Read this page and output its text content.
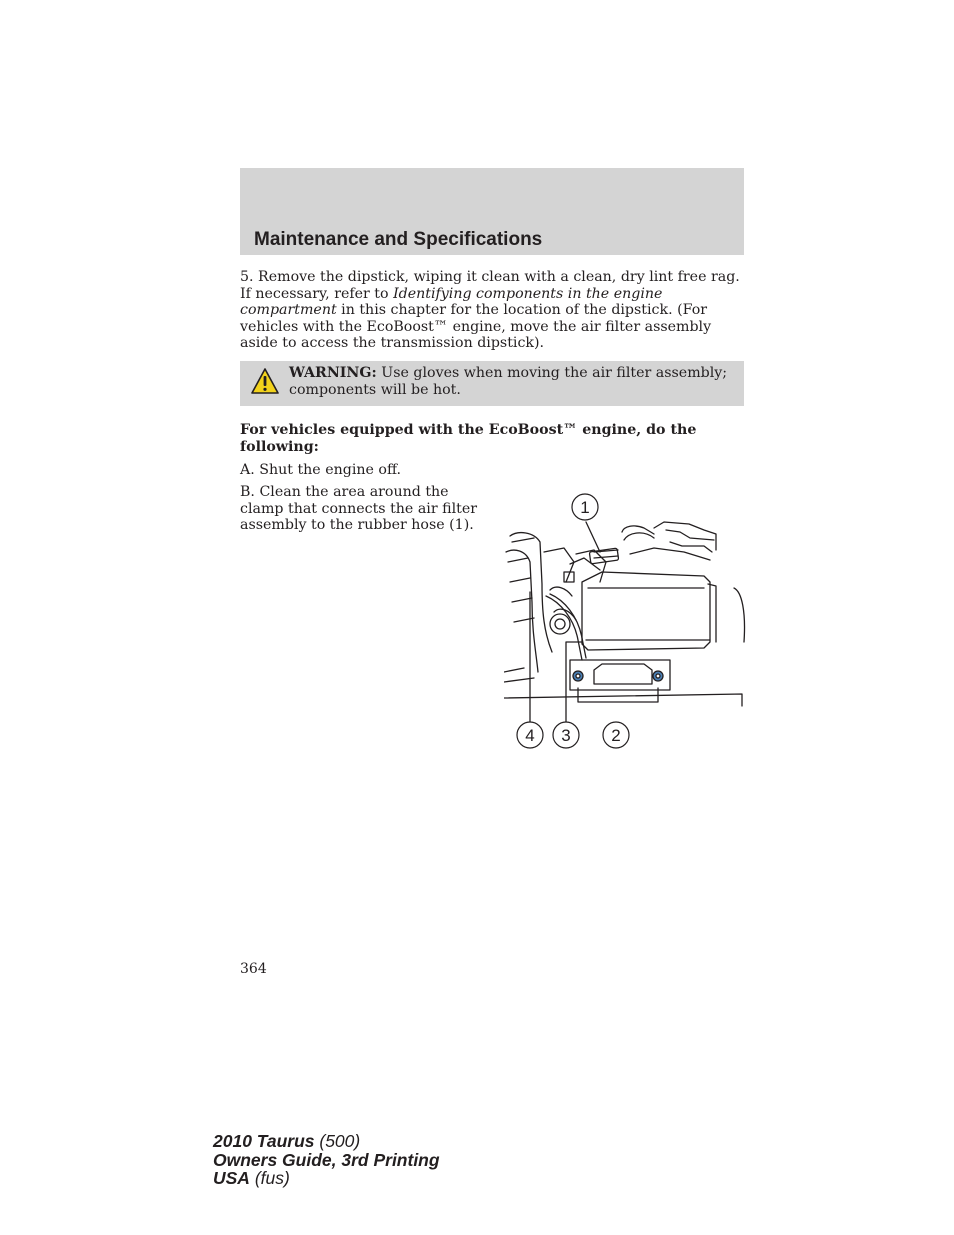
Maintenance and Specifications

5. Remove the dipstick, wiping it clean with a clean, dry lint free rag. If necessary, refer to Identifying components in the engine compartment in this chapter for the location of the dipstick. (For vehicles with the EcoBoost™ engine, move the air filter assembly aside to access the transmission dipstick).

WARNING: Use gloves when moving the air filter assembly; components will be hot.

For vehicles equipped with the EcoBoost™ engine, do the following:

A. Shut the engine off.

B. Clean the area around the clamp that connects the air filter assembly to the rubber hose (1).

1
4 3 2

364

2010 Taurus (500)
Owners Guide, 3rd Printing
USA (fus)
